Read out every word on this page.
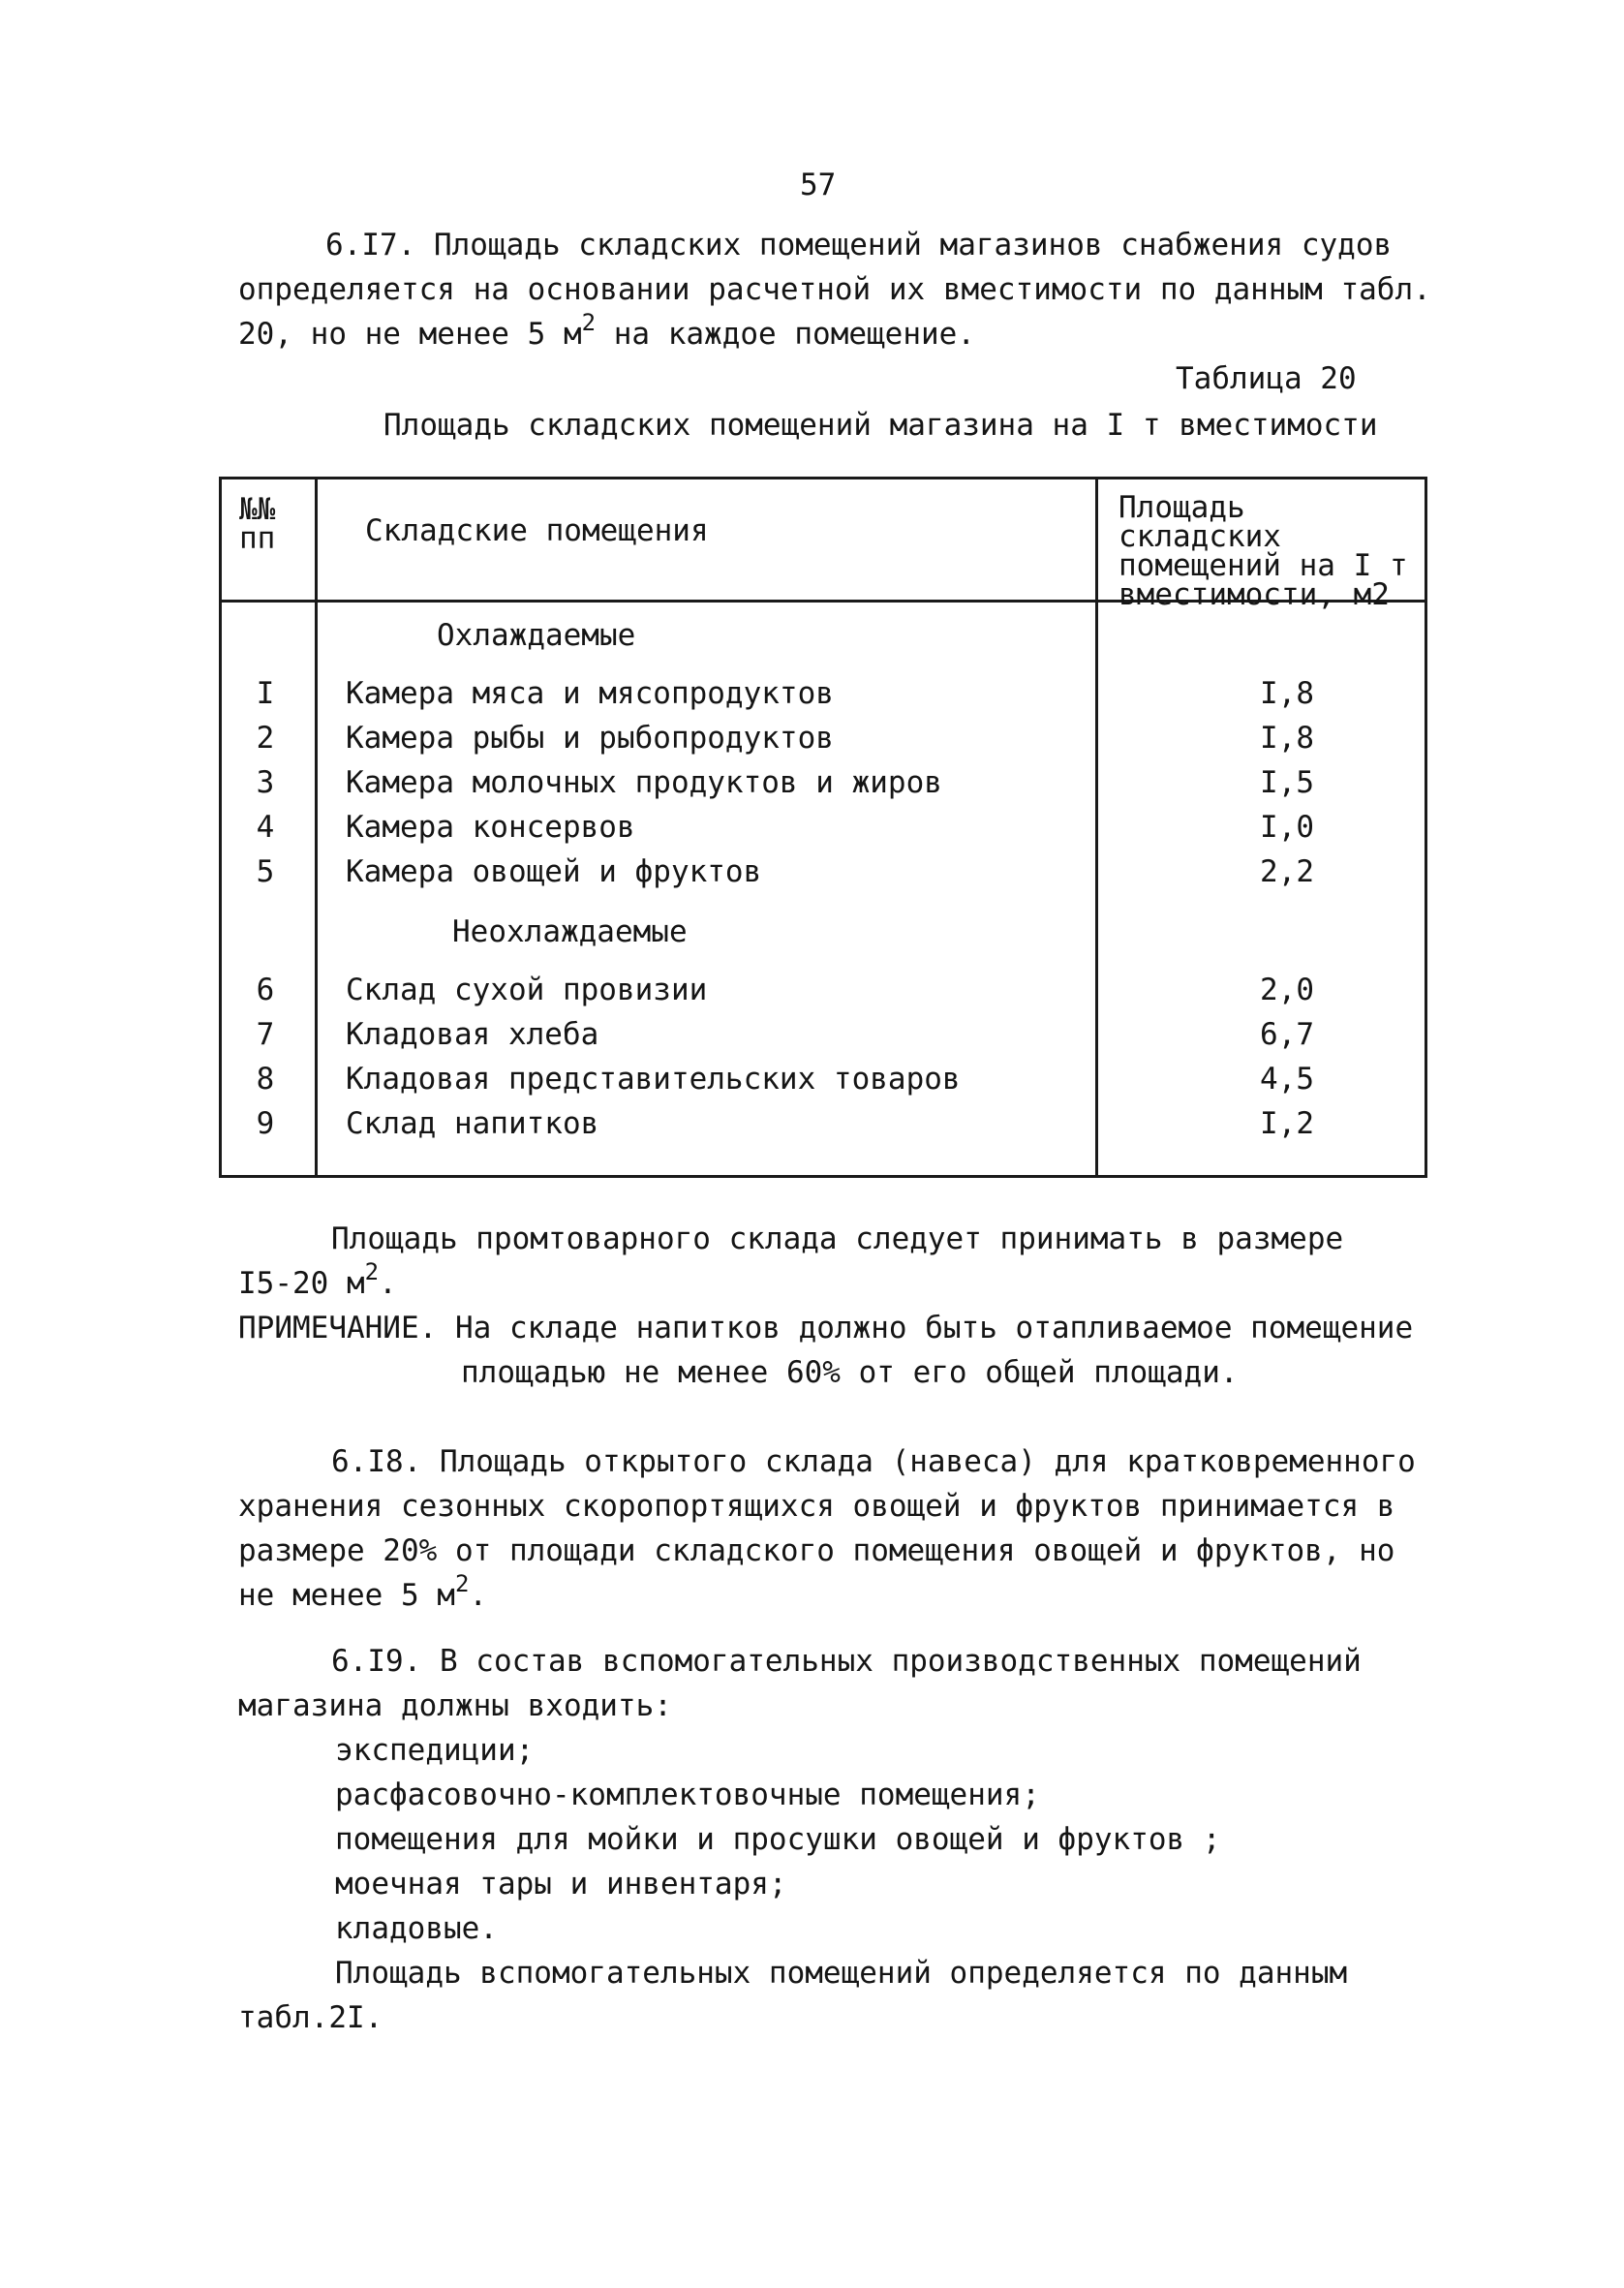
57
6.I7. Площадь складских помещений магазинов снабжения судов
определяется на основании расчетной их вместимости по данным табл.
20, но не менее 5 $м^2$ на каждое помещение.
Таблица 20
Площадь складских помещений магазина на I т вместимости
№№
пп	Складские помещения
Площадь складских
помещений на I т
вместимости, м2
Охлаждаемые
I	Камера мяса и мясопродуктов	I,8
2	Камера рыбы и рыбопродуктов	I,8
3	Камера молочных продуктов и жиров	I,5
4	Камера консервов	I,0
5	Камера овощей и фруктов	2,2
Неохлаждаемые
6	Склад сухой провизии	2,0
7	Кладовая хлеба	6,7
8	Кладовая представительских товаров	4,5
9	Склад напитков	I,2
Площадь промтоварного склада следует принимать в размере
I5-20 $м^2$.
ПРИМЕЧАНИЕ. На складе напитков должно быть отапливаемое помещение
площадью не менее 60% от его общей площади.
6.I8. Площадь открытого склада (навеса) для кратковременного
хранения сезонных скоропортящихся овощей и фруктов принимается в
размере 20% от площади складского помещения овощей и фруктов, но
не менее 5 $м^2$.
6.I9. В состав вспомогательных производственных помещений
магазина должны входить:
экспедиции;
расфасовочно-комплектовочные помещения;
помещения для мойки и просушки овощей и фруктов ;
моечная тары и инвентаря;
кладовые.
Площадь вспомогательных помещений определяется по данным
табл.2I.
